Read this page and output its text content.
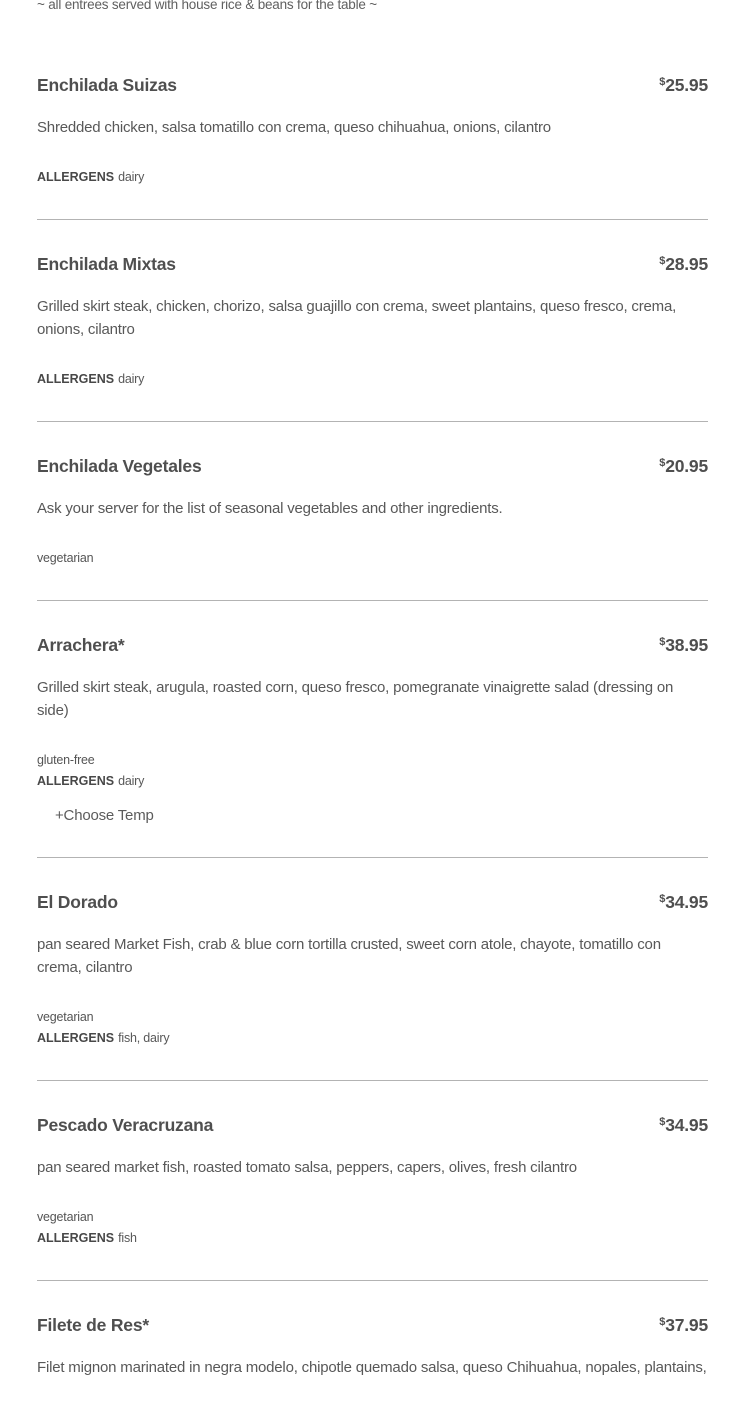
~ all entrees served with house rice & beans for the table ~
Enchilada Suizas	$25.95

Shredded chicken, salsa tomatillo con crema, queso chihuahua, onions, cilantro

ALLERGENS dairy
Enchilada Mixtas	$28.95

Grilled skirt steak, chicken, chorizo, salsa guajillo con crema, sweet plantains, queso fresco, crema, onions, cilantro

ALLERGENS dairy
Enchilada Vegetales	$20.95

Ask your server for the list of seasonal vegetables and other ingredients.

vegetarian
Arrachera*	$38.95

Grilled skirt steak, arugula, roasted corn, queso fresco, pomegranate vinaigrette salad (dressing on side)

gluten-free
ALLERGENS dairy
+Choose Temp
El Dorado	$34.95

pan seared Market Fish, crab & blue corn tortilla crusted, sweet corn atole, chayote, tomatillo con crema, cilantro

vegetarian
ALLERGENS fish, dairy
Pescado Veracruzana	$34.95

pan seared market fish, roasted tomato salsa, peppers, capers, olives, fresh cilantro

vegetarian
ALLERGENS fish
Filete de Res*	$37.95

Filet mignon marinated in negra modelo, chipotle quemado salsa, queso Chihuahua, nopales, plantains,
